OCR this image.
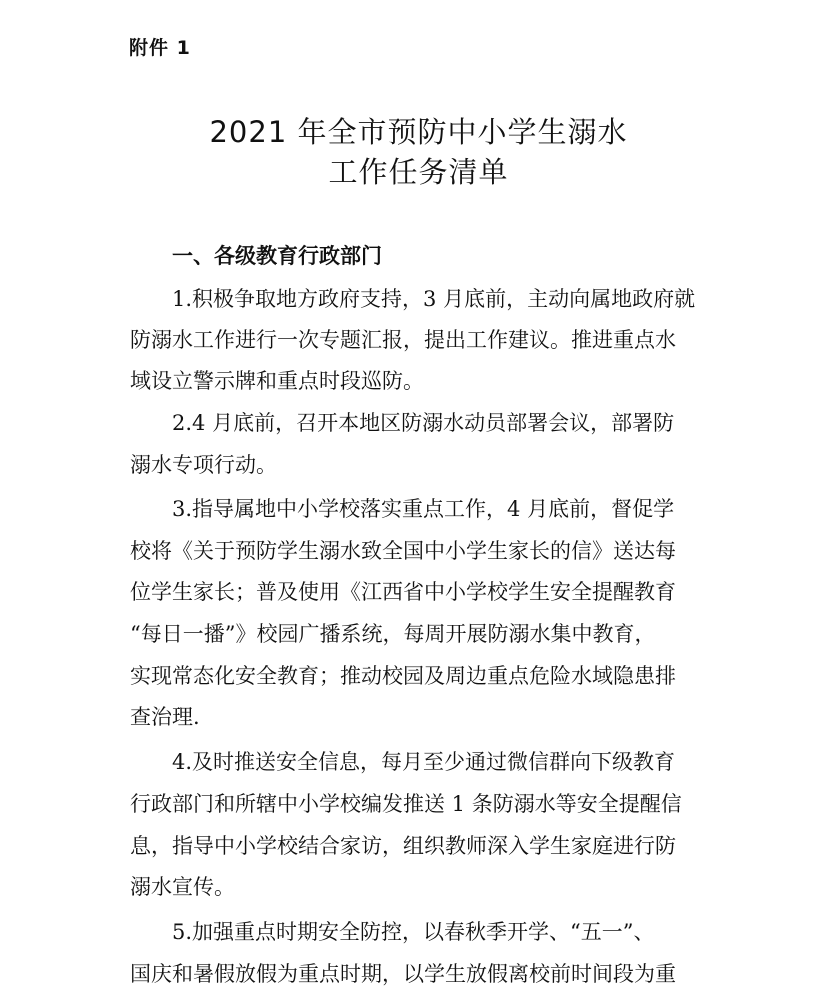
附件 1
2021 年全市预防中小学生溺水
工作任务清单
一、各级教育行政部门
1.积极争取地方政府支持，3 月底前，主动向属地政府就
防溺水工作进行一次专题汇报，提出工作建议。推进重点水
域设立警示牌和重点时段巡防。
2.4 月底前，召开本地区防溺水动员部署会议，部署防
溺水专项行动。
3.指导属地中小学校落实重点工作，4 月底前，督促学
校将《关于预防学生溺水致全国中小学生家长的信》送达每
位学生家长；普及使用《江西省中小学校学生安全提醒教育
“每日一播”》校园广播系统，每周开展防溺水集中教育，
实现常态化安全教育；推动校园及周边重点危险水域隐患排
查治理.
4.及时推送安全信息，每月至少通过微信群向下级教育
行政部门和所辖中小学校编发推送 1 条防溺水等安全提醒信
息，指导中小学校结合家访，组织教师深入学生家庭进行防
溺水宣传。
5.加强重点时期安全防控，以春秋季开学、“五一”、
国庆和暑假放假为重点时期，以学生放假离校前时间段为重
